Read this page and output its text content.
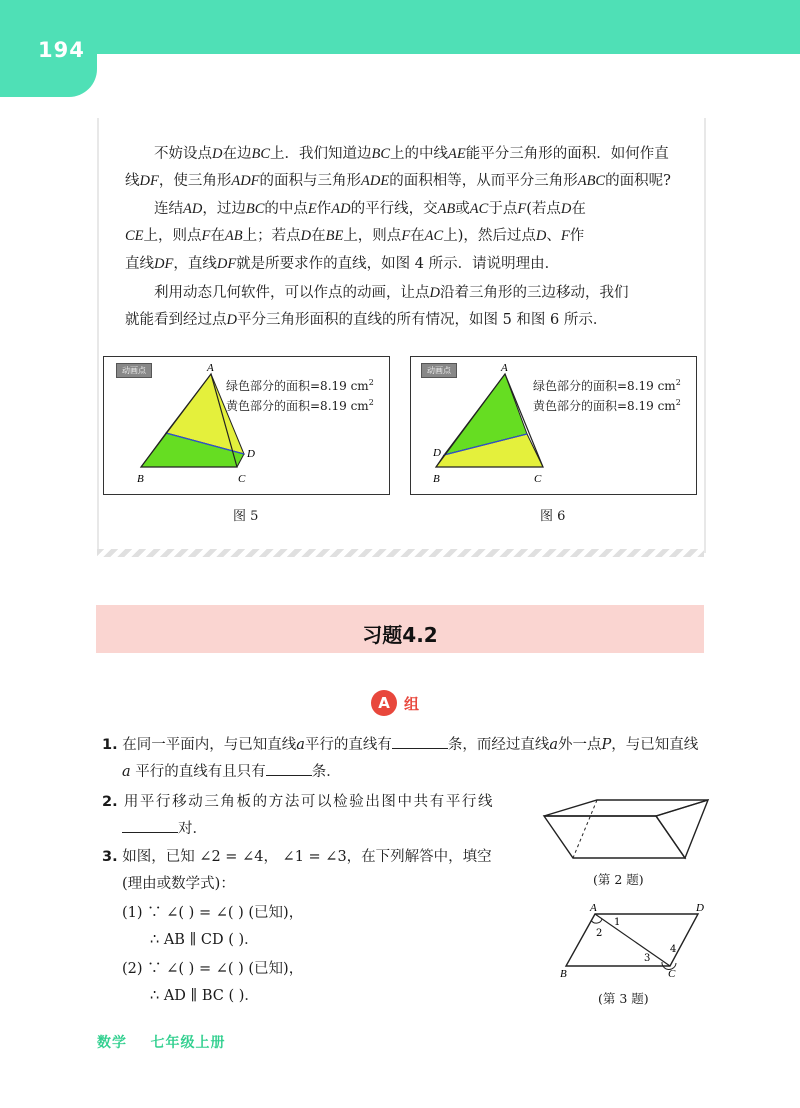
194

不妨设点D在边BC上．我们知道边BC上的中线AE能平分三角形的面积．如何作直

线DF，使三角形ADF的面积与三角形ADE的面积相等，从而平分三角形ABC的面积呢?

连结AD，过边BC的中点E作AD的平行线，交AB或AC于点F(若点D在

CE上，则点F在AB上；若点D在BE上，则点F在AC上)，然后过点D、F作

直线DF，直线DF就是所要求作的直线，如图 4 所示．请说明理由．

利用动态几何软件，可以作点的动画，让点D沿着三角形的三边移动，我们

就能看到经过点D平分三角形面积的直线的所有情况，如图 5 和图 6 所示．

动画点	A
B	C
D
绿色部分的面积=8.19 $cm^2$
黄色部分的面积=8.19 $cm^2$
图 5
动画点	A
B	C
D
绿色部分的面积=8.19 $cm^2$
黄色部分的面积=8.19 $cm^2$
图 6
习题4.2
A 组
1. 在同一平面内，与已知直线a平行的直线有	条，而经过直线a外一点P，与已知直线
a 平行的直线有且只有	条．
2. 用平行移动三角板的方法可以检验出图中共有平行线
对．
3. 如图，已知 ∠2 = ∠4， ∠1 = ∠3，在下列解答中，填空
(理由或数学式)：
(1) ∵ ∠( ) = ∠( ) (已知)，
∴ AB ∥ CD ( )．
(2) ∵ ∠( ) = ∠( ) (已知)，
∴ AD ∥ BC ( )．
(第 2 题)
A	D
B	C
1
2
3
4
(第 3 题)
数学    七年级上册
